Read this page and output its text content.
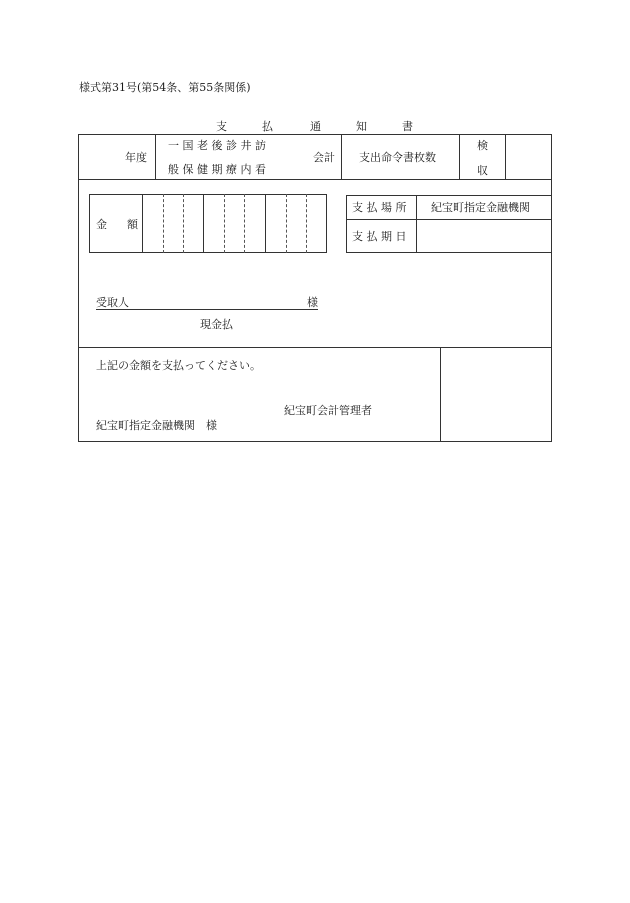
様式第31号(第54条、第55条関係)
支	払	通	知	書
年度
一 国 老 後 診 井 訪
般 保 健 期 療 内 看
会計 支出命令書枚数
検
収
金 額
支 払 場 所 紀宝町指定金融機関
支 払 期 日
受取人	様
現金払
上記の金額を支払ってください。
紀宝町会計管理者
紀宝町指定金融機関　様
